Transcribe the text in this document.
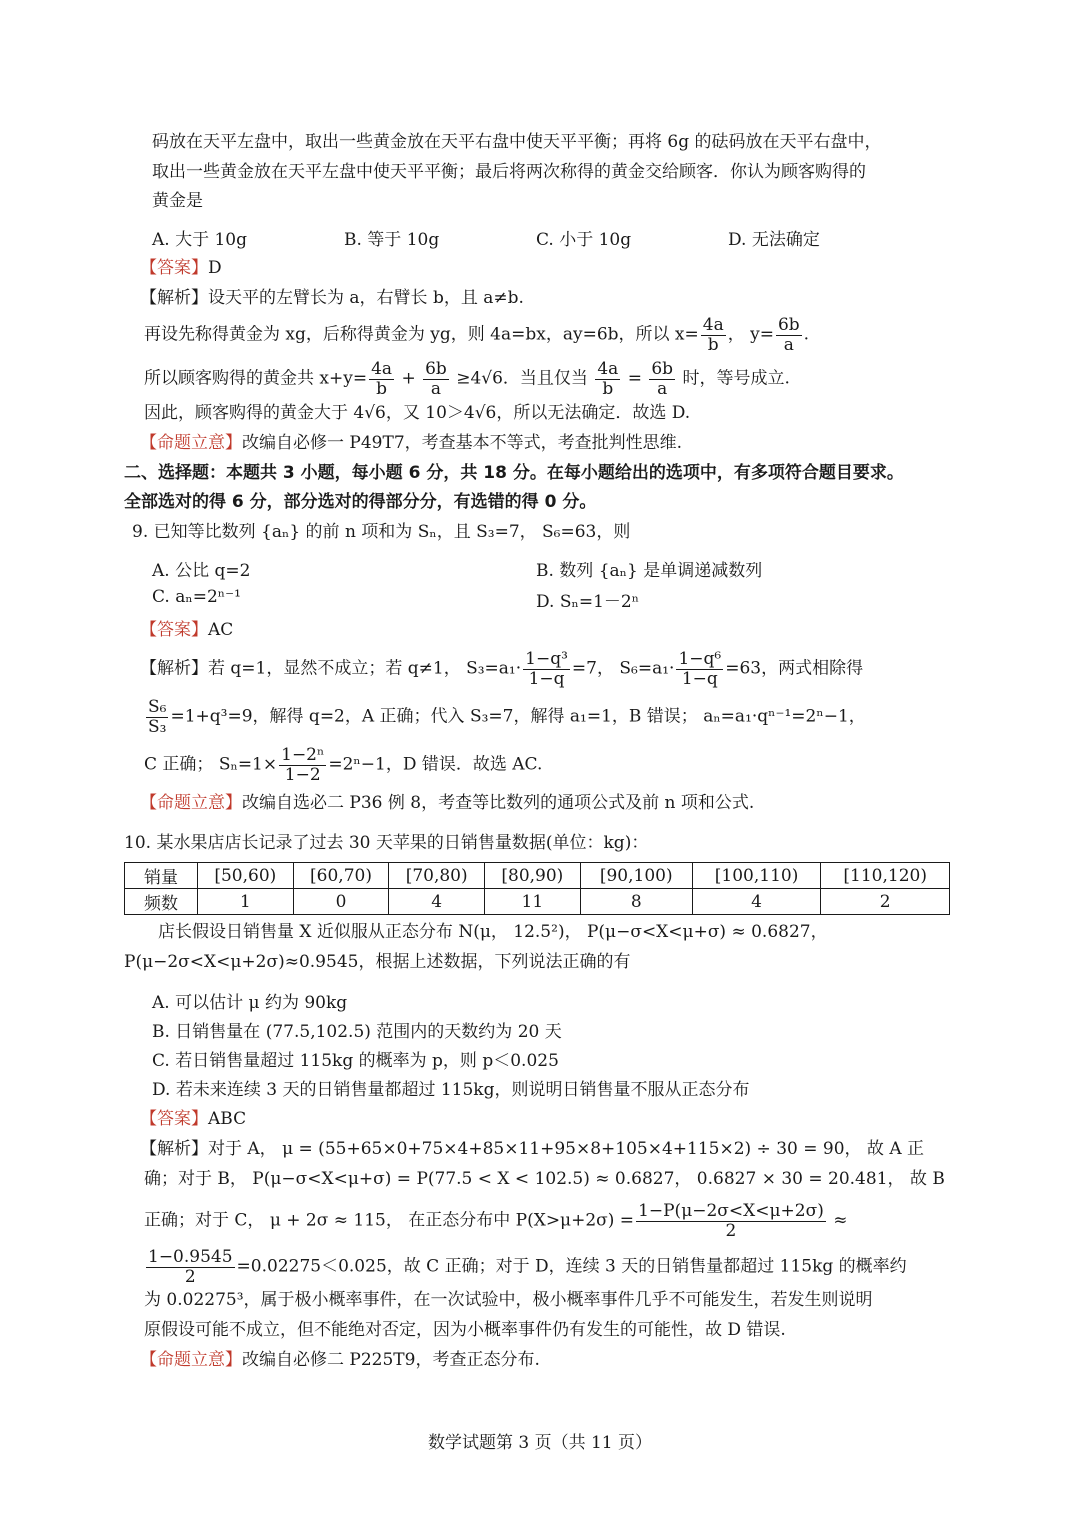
码放在天平左盘中，取出一些黄金放在天平右盘中使天平平衡；再将 6g 的砝码放在天平右盘中，
取出一些黄金放在天平左盘中使天平平衡；最后将两次称得的黄金交给顾客．你认为顾客购得的
黄金是
A. 大于 10g	B. 等于 10g	C. 小于 10g	D. 无法确定
【答案】D
【解析】设天平的左臂长为 a，右臂长 b，且 a≠b.
再设先称得黄金为 xg，后称得黄金为 yg，则 4a=bx，ay=6b，所以 $x= \frac{4a}{b}$ ， $y= \frac{6b}{a}$ .
所以顾客购得的黄金共 $x+y= \frac{4a}{b} + \frac{6b}{a} \ge 4√6$．当且仅当 $\frac{4a}{b} = \frac{6b}{a}$ 时，等号成立.
因此，顾客购得的黄金大于 4√6，又 10＞4√6，所以无法确定．故选 D.
【命题立意】改编自必修一 P49T7，考查基本不等式，考查批判性思维.
二、选择题：本题共 3 小题，每小题 6 分，共 18 分。在每小题给出的选项中，有多项符合题目要求。
全部选对的得 6 分，部分选对的得部分分，有选错的得 0 分。
9. 已知等比数列 {aₙ} 的前 n 项和为 Sₙ，且 S₃=7， S₆=63，则
A. 公比 q=2	B. 数列 {aₙ} 是单调递减数列
C. aₙ=2ⁿ⁻¹	D. Sₙ=1－2ⁿ
【答案】AC
【解析】若 q=1，显然不成立；若 q≠1， $S_3=a_1\cdot \frac{\text{1−q³}}{1-q} =7$， $S_6=a_1\cdot \frac{\text{1−q⁶}}{1-q} =63$，两式相除得
$\frac{\text{S₆}}{\text{S₃}} =1+q^3=9$，解得 q=2，A 正确；代入 S₃=7，解得 a₁=1，B 错误； aₙ=a₁·qⁿ⁻¹=2ⁿ−1，
C 正确； $S_n=1\times \frac{\text{1−2ⁿ}}{1-2} =2^n-1$，D 错误．故选 AC.
【命题立意】改编自选必二 P36 例 8，考查等比数列的通项公式及前 n 项和公式.
10. 某水果店店长记录了过去 30 天苹果的日销售量数据(单位：kg)：
销量	[50,60)	[60,70)	[70,80)	[80,90)	[90,100)	[100,110)	[110,120)
频数	1	0	4	11	8	4	2
店长假设日销售量 X 近似服从正态分布 N(μ， 12.5²)， P(μ−σ<X<μ+σ) ≈ 0.6827，
P(μ−2σ<X<μ+2σ)≈0.9545，根据上述数据，下列说法正确的有
A. 可以估计 μ 约为 90kg
B. 日销售量在 (77.5,102.5) 范围内的天数约为 20 天
C. 若日销售量超过 115kg 的概率为 p，则 p＜0.025
D. 若未来连续 3 天的日销售量都超过 115kg，则说明日销售量不服从正态分布
【答案】ABC
【解析】对于 A， μ = (55+65×0+75×4+85×11+95×8+105×4+115×2) ÷ 30 = 90， 故 A 正
确；对于 B， P(μ−σ<X<μ+σ) = P(77.5 < X < 102.5) ≈ 0.6827， 0.6827 × 30 = 20.481， 故 B
正确；对于 C， μ + 2σ ≈ 115， 在正态分布中 $P(X>\mu+2\sigma) = \frac{1-P(\mu-2\sigma<X<\mu+2\sigma)}{2}$ ≈
$\frac{1-0.9545}{2} =0.02275<0.025$，故 C 正确；对于 D，连续 3 天的日销售量都超过 115kg 的概率约
为 0.02275³，属于极小概率事件，在一次试验中，极小概率事件几乎不可能发生，若发生则说明
原假设可能不成立，但不能绝对否定，因为小概率事件仍有发生的可能性，故 D 错误.
【命题立意】改编自必修二 P225T9，考查正态分布.
数学试题第 3 页（共 11 页）
